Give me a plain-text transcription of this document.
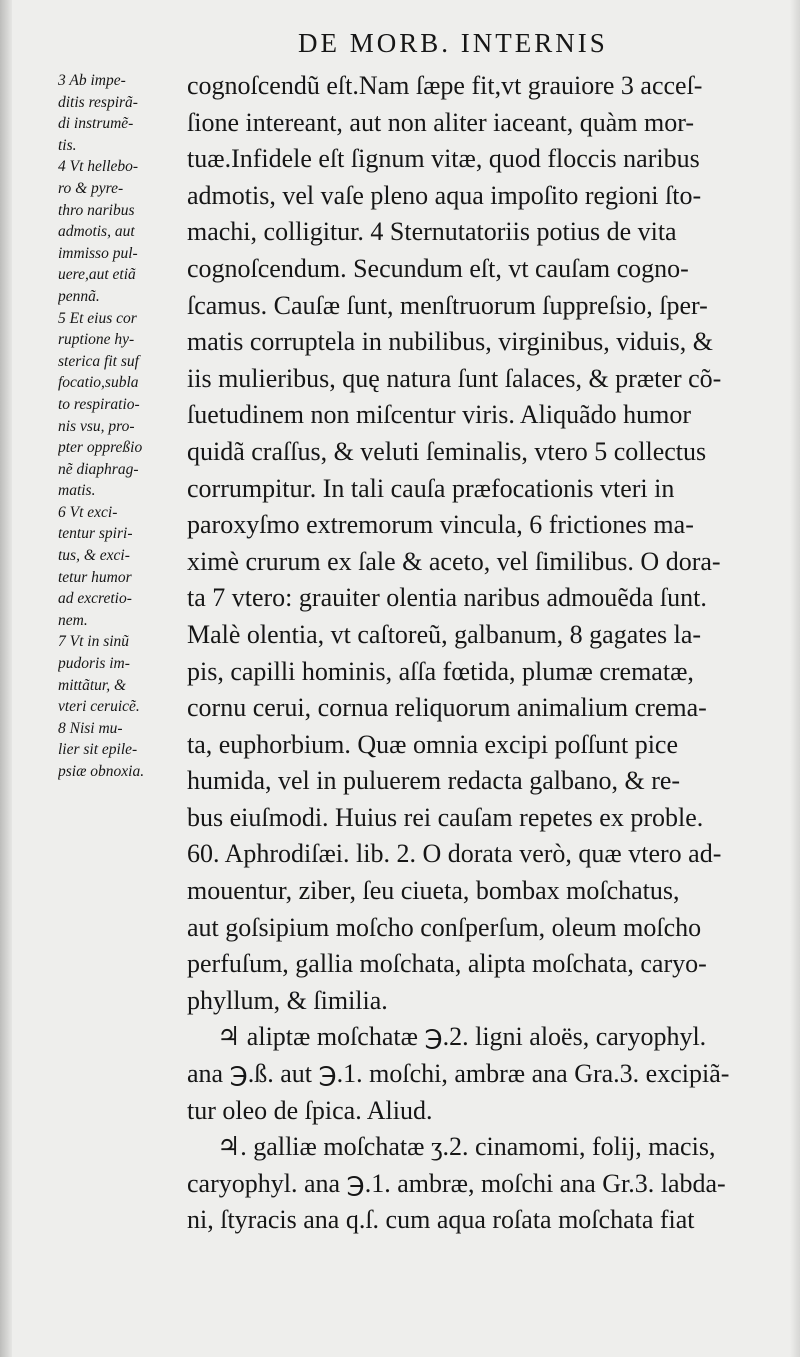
DE MORB. INTERNIS
3 Ab impe-
ditis respirã-
di instrumẽ-
tis.
4 Vt hellebo-
ro & pyre-
thro naribus
admotis, aut
immisso pul-
uere,aut etiã
pennã.
5 Et eius cor
ruptione hy-
sterica fit suf
focatio,subla
to respiratio-
nis vsu, pro-
pter oppreßio
nẽ diaphrag-
matis.
6 Vt exci-
tentur spiri-
tus, & exci-
tetur humor
ad excretio-
nem.
7 Vt in sinũ
pudoris im-
mittãtur, &
vteri ceruicẽ.
8 Nisi mu-
lier sit epile-
psiæ obnoxia.
cognoſcendũ eſt.Nam ſæpe fit,vt grauiore 3 acceſ-
ſione intereant, aut non aliter iaceant, quàm mor-
tuæ.Infidele eſt ſignum vitæ, quod floccis naribus
admotis, vel vaſe pleno aqua impoſito regioni ſto-
machi, colligitur. 4 Sternutatoriis potius de vita
cognoſcendum. Secundum eſt, vt cauſam cogno-
ſcamus. Cauſæ ſunt, menſtruorum ſuppreſsio, ſper-
matis corruptela in nubilibus, virginibus, viduis, &
iis mulieribus, quę natura ſunt ſalaces, & præter cõ-
ſuetudinem non miſcentur viris. Aliquãdo humor
quidã craſſus, & veluti ſeminalis, vtero 5 collectus
corrumpitur. In tali cauſa præfocationis vteri in
paroxyſmo extremorum vincula, 6 frictiones ma-
ximè crurum ex ſale & aceto, vel ſimilibus. O dora-
ta 7 vtero: grauiter olentia naribus admouẽda ſunt.
Malè olentia, vt caſtoreũ, galbanum, 8 gagates la-
pis, capilli hominis, aſſa fœtida, plumæ crematæ,
cornu cerui, cornua reliquorum animalium crema-
ta, euphorbium. Quæ omnia excipi poſſunt pice
humida, vel in puluerem redacta galbano, & re-
bus eiuſmodi. Huius rei cauſam repetes ex proble.
60. Aphrodiſæi. lib. 2. O dorata verò, quæ vtero ad-
mouentur, ziber, ſeu ciueta, bombax moſchatus,
aut goſsipium moſcho conſperſum, oleum moſcho
perfuſum, gallia moſchata, alipta moſchata, caryo-
phyllum, & ſimilia.
♃ aliptæ moſchatæ ℈.2. ligni aloës, caryophyl.
ana ℈.ß. aut ℈.1. moſchi, ambræ ana Gra.3. excipiã-
tur oleo de ſpica. Aliud.
♃. galliæ moſchatæ ʒ.2. cinamomi, folij, macis,
caryophyl. ana ℈.1. ambræ, moſchi ana Gr.3. labda-
ni, ſtyracis ana q.ſ. cum aqua roſata moſchata fiat
